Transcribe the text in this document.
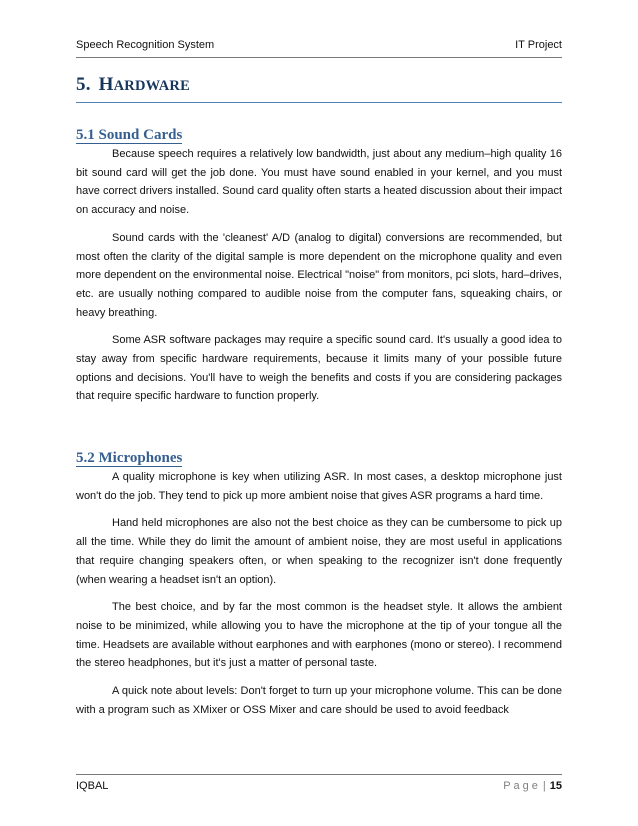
Speech Recognition System	IT Project
5. HARDWARE
5.1 Sound Cards

Because speech requires a relatively low bandwidth, just about any medium–high quality 16 bit sound card will get the job done. You must have sound enabled in your kernel, and you must have correct drivers installed. Sound card quality often starts a heated discussion about their impact on accuracy and noise.

Sound cards with the 'cleanest' A/D (analog to digital) conversions are recommended, but most often the clarity of the digital sample is more dependent on the microphone quality and even more dependent on the environmental noise. Electrical "noise" from monitors, pci slots, hard–drives, etc. are usually nothing compared to audible noise from the computer fans, squeaking chairs, or heavy breathing.

Some ASR software packages may require a specific sound card. It's usually a good idea to stay away from specific hardware requirements, because it limits many of your possible future options and decisions. You'll have to weigh the benefits and costs if you are considering packages that require specific hardware to function properly.

5.2 Microphones

A quality microphone is key when utilizing ASR. In most cases, a desktop microphone just won't do the job. They tend to pick up more ambient noise that gives ASR programs a hard time.

Hand held microphones are also not the best choice as they can be cumbersome to pick up all the time. While they do limit the amount of ambient noise, they are most useful in applications that require changing speakers often, or when speaking to the recognizer isn't done frequently (when wearing a headset isn't an option).

The best choice, and by far the most common is the headset style. It allows the ambient noise to be minimized, while allowing you to have the microphone at the tip of your tongue all the time. Headsets are available without earphones and with earphones (mono or stereo). I recommend the stereo headphones, but it's just a matter of personal taste.

A quick note about levels: Don't forget to turn up your microphone volume. This can be done with a program such as XMixer or OSS Mixer and care should be used to avoid feedback

IQBAL	Page | 15
